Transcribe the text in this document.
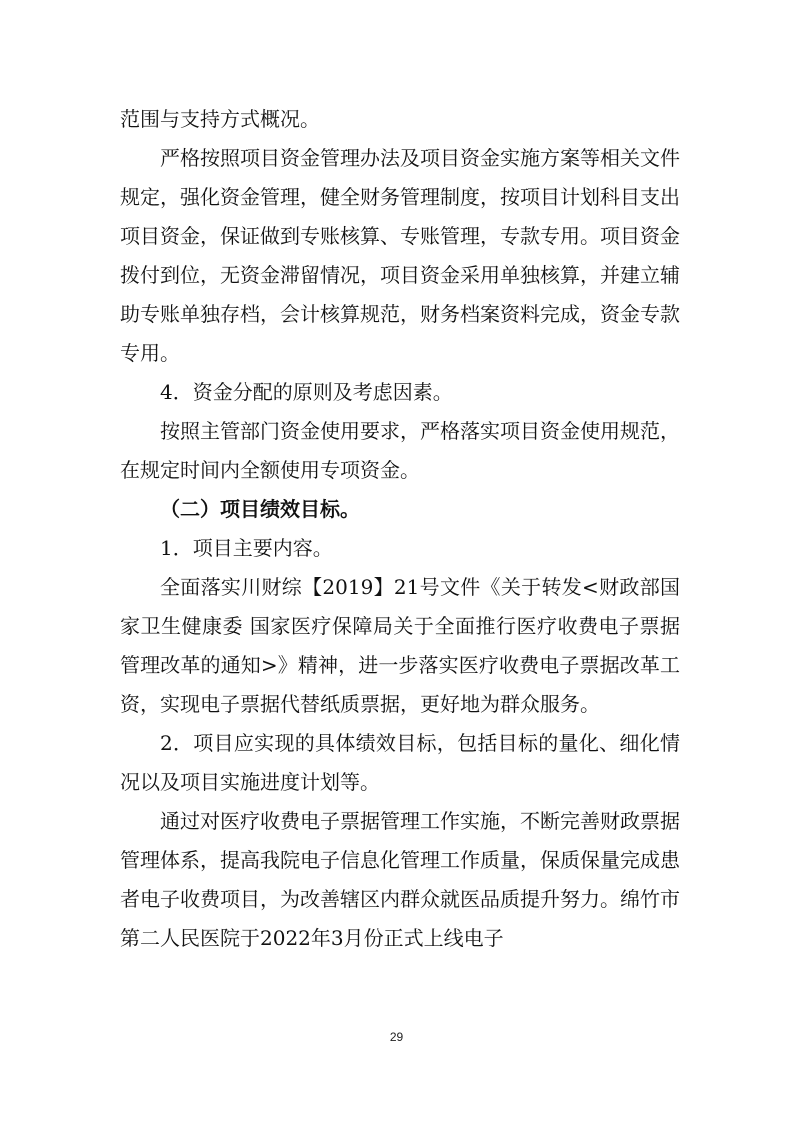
范围与支持方式概况。

严格按照项目资金管理办法及项目资金实施方案等相关文件规定，强化资金管理，健全财务管理制度，按项目计划科目支出项目资金，保证做到专账核算、专账管理，专款专用。项目资金拨付到位，无资金滞留情况，项目资金采用单独核算，并建立辅助专账单独存档，会计核算规范，财务档案资料完成，资金专款专用。

4．资金分配的原则及考虑因素。

按照主管部门资金使用要求，严格落实项目资金使用规范，在规定时间内全额使用专项资金。

（二）项目绩效目标。

1．项目主要内容。

全面落实川财综【2019】21号文件《关于转发<财政部国家卫生健康委 国家医疗保障局关于全面推行医疗收费电子票据管理改革的通知>》精神，进一步落实医疗收费电子票据改革工资，实现电子票据代替纸质票据，更好地为群众服务。

2．项目应实现的具体绩效目标，包括目标的量化、细化情况以及项目实施进度计划等。

通过对医疗收费电子票据管理工作实施，不断完善财政票据管理体系，提高我院电子信息化管理工作质量，保质保量完成患者电子收费项目，为改善辖区内群众就医品质提升努力。绵竹市第二人民医院于2022年3月份正式上线电子

29
